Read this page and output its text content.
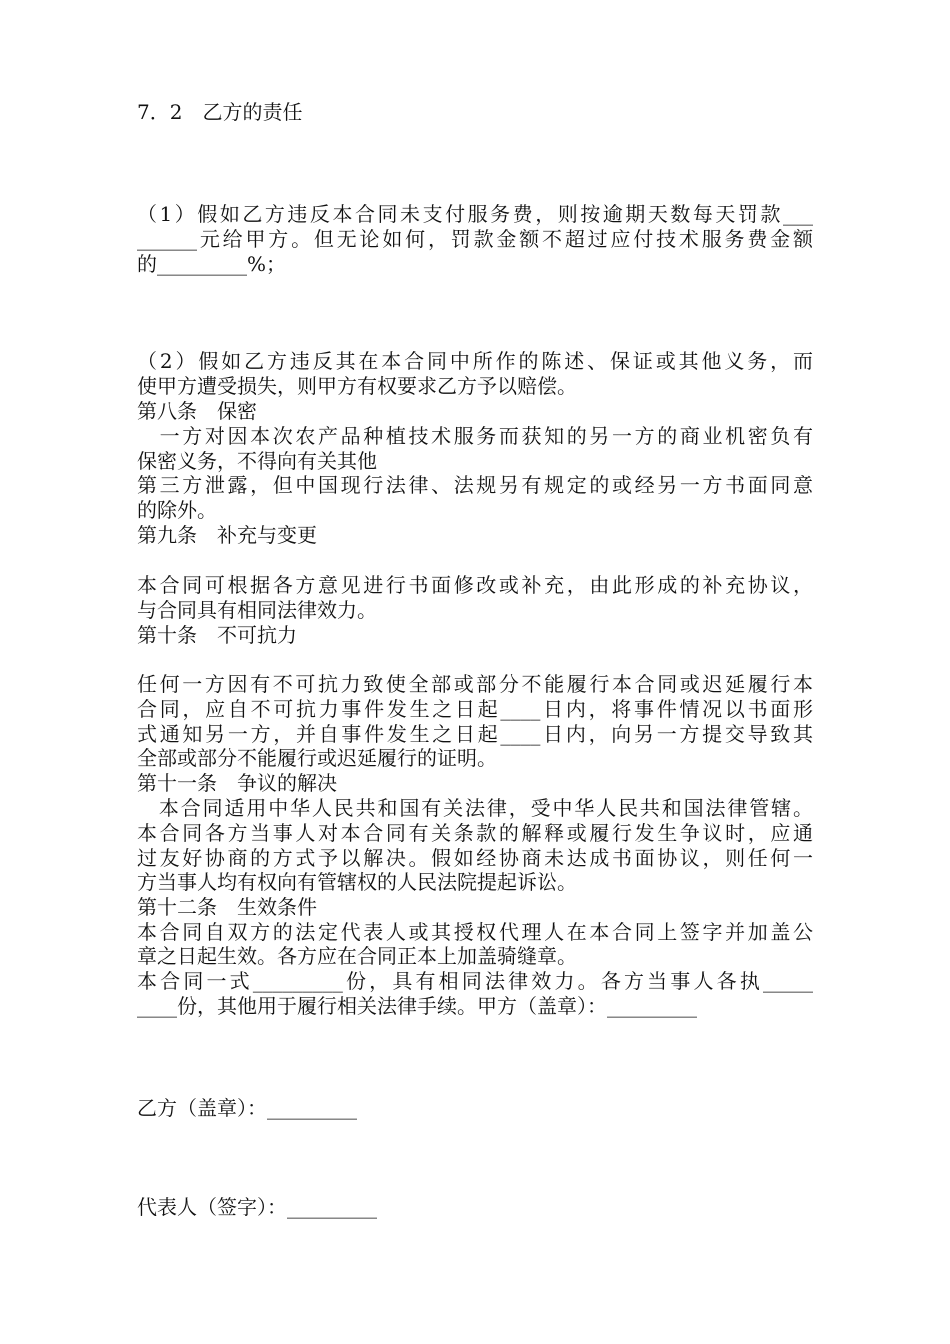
7．2　乙方的责任
（1）假如乙方违反本合同未支付服务费，则按逾期天数每天罚款___
______元给甲方。但无论如何，罚款金额不超过应付技术服务费金额
的_________%；
（2）假如乙方违反其在本合同中所作的陈述、保证或其他义务，而
使甲方遭受损失，则甲方有权要求乙方予以赔偿。
第八条　保密
　一方对因本次农产品种植技术服务而获知的另一方的商业机密负有
保密义务，不得向有关其他
第三方泄露，但中国现行法律、法规另有规定的或经另一方书面同意
的除外。
第九条　补充与变更
本合同可根据各方意见进行书面修改或补充，由此形成的补充协议，
与合同具有相同法律效力。
第十条　不可抗力
任何一方因有不可抗力致使全部或部分不能履行本合同或迟延履行本
合同，应自不可抗力事件发生之日起____日内，将事件情况以书面形
式通知另一方，并自事件发生之日起____日内，向另一方提交导致其
全部或部分不能履行或迟延履行的证明。
第十一条　争议的解决
　本合同适用中华人民共和国有关法律，受中华人民共和国法律管辖。
本合同各方当事人对本合同有关条款的解释或履行发生争议时，应通
过友好协商的方式予以解决。假如经协商未达成书面协议，则任何一
方当事人均有权向有管辖权的人民法院提起诉讼。
第十二条　生效条件
本合同自双方的法定代表人或其授权代理人在本合同上签字并加盖公
章之日起生效。各方应在合同正本上加盖骑缝章。
本合同一式_________份，具有相同法律效力。各方当事人各执_____
____份，其他用于履行相关法律手续。甲方（盖章）：_________
乙方（盖章）：_________
代表人（签字）：_________
